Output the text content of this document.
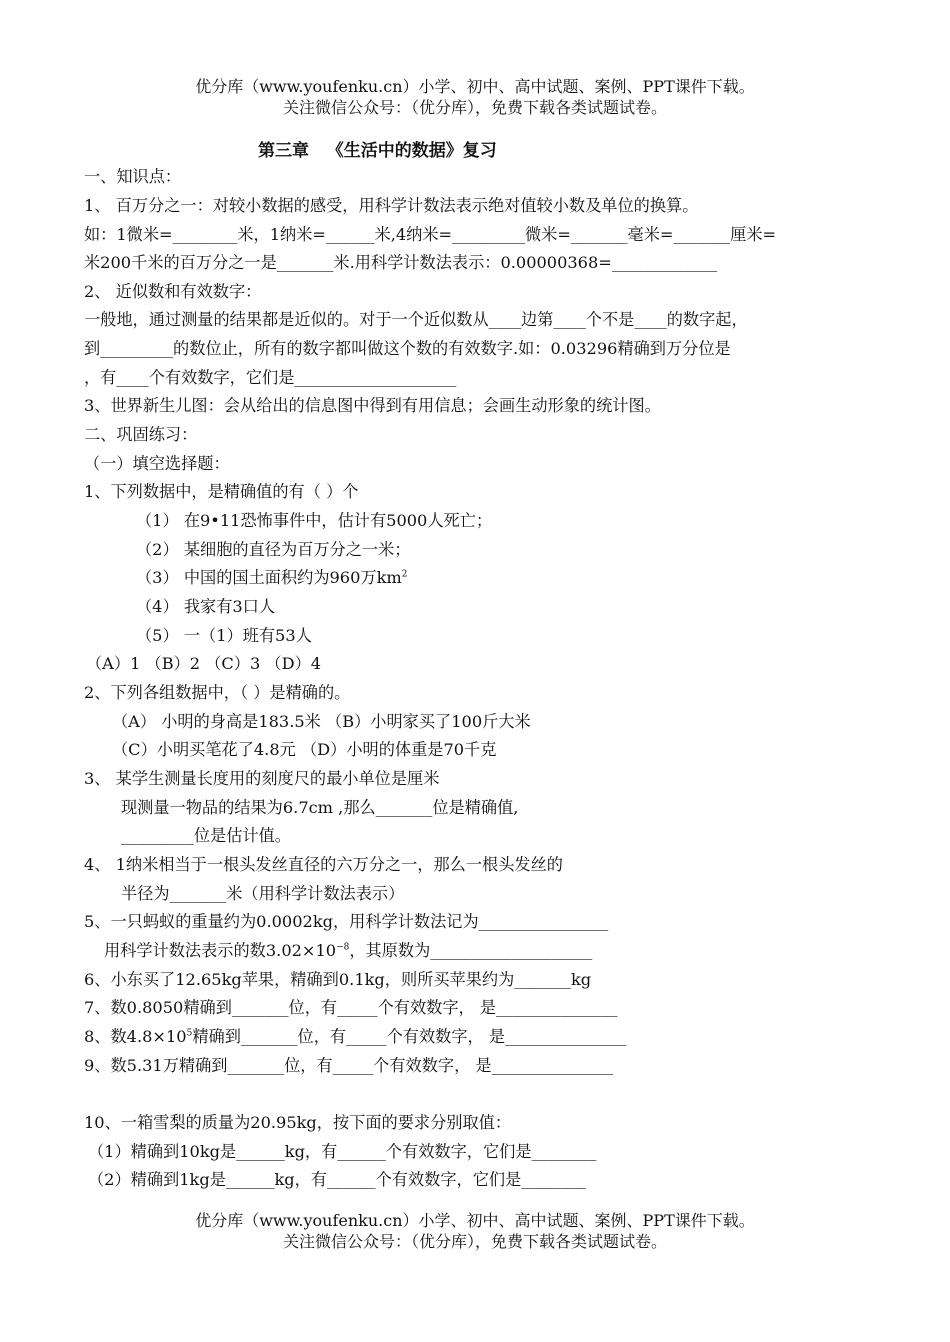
优分库（www.youfenku.cn）小学、初中、高中试题、案例、PPT课件下载。
关注微信公众号：（优分库），免费下载各类试题试卷。
第三章   《生活中的数据》复习
一、知识点：
1、 百万分之一：对较小数据的感受，用科学计数法表示绝对值较小数及单位的换算。
如：1微米=________米，1纳米=______米,4纳米=_________微米=_______毫米=_______厘米=
米200千米的百万分之一是_______米.用科学计数法表示：0.00000368=_____________
2、 近似数和有效数字：
一般地，通过测量的结果都是近似的。对于一个近似数从____边第____个不是____的数字起，
到_________的数位止，所有的数字都叫做这个数的有效数字.如：0.03296精确到万分位是
，有____个有效数字，它们是____________________
3、世界新生儿图：会从给出的信息图中得到有用信息；会画生动形象的统计图。
二、巩固练习：
（一）填空选择题：
1、下列数据中，是精确值的有（ ）个
（1） 在9•11恐怖事件中，估计有5000人死亡；
（2） 某细胞的直径为百万分之一米；
（3） 中国的国土面积约为960万$km^2$
（4） 我家有3口人
（5） 一（1）班有53人
（A）1 （B）2 （C）3 （D）4
2、下列各组数据中，（ ）是精确的。
（A） 小明的身高是183.5米 （B）小明家买了100斤大米
（C）小明买笔花了4.8元 （D）小明的体重是70千克
3、 某学生测量长度用的刻度尺的最小单位是厘米
现测量一物品的结果为6.7cm ,那么_______位是精确值,
_________位是估计值。
4、 1纳米相当于一根头发丝直径的六万分之一，那么一根头发丝的
半径为_______米（用科学计数法表示）
5、一只蚂蚁的重量约为0.0002kg，用科学计数法记为________________
用科学计数法表示的数$3.02\times 10^{-8}$，其原数为____________________
6、小东买了12.65kg苹果，精确到0.1kg，则所买苹果约为_______kg
7、数0.8050精确到_______位，有_____个有效数字， 是_______________
8、数$4.8\times 10^5$精确到_______位，有_____个有效数字， 是_______________
9、数5.31万精确到_______位，有_____个有效数字， 是_______________
10、一箱雪梨的质量为20.95kg，按下面的要求分别取值：
（1）精确到10kg是______kg，有______个有效数字，它们是________
（2）精确到1kg是______kg，有______个有效数字，它们是________
优分库（www.youfenku.cn）小学、初中、高中试题、案例、PPT课件下载。
关注微信公众号：（优分库），免费下载各类试题试卷。
